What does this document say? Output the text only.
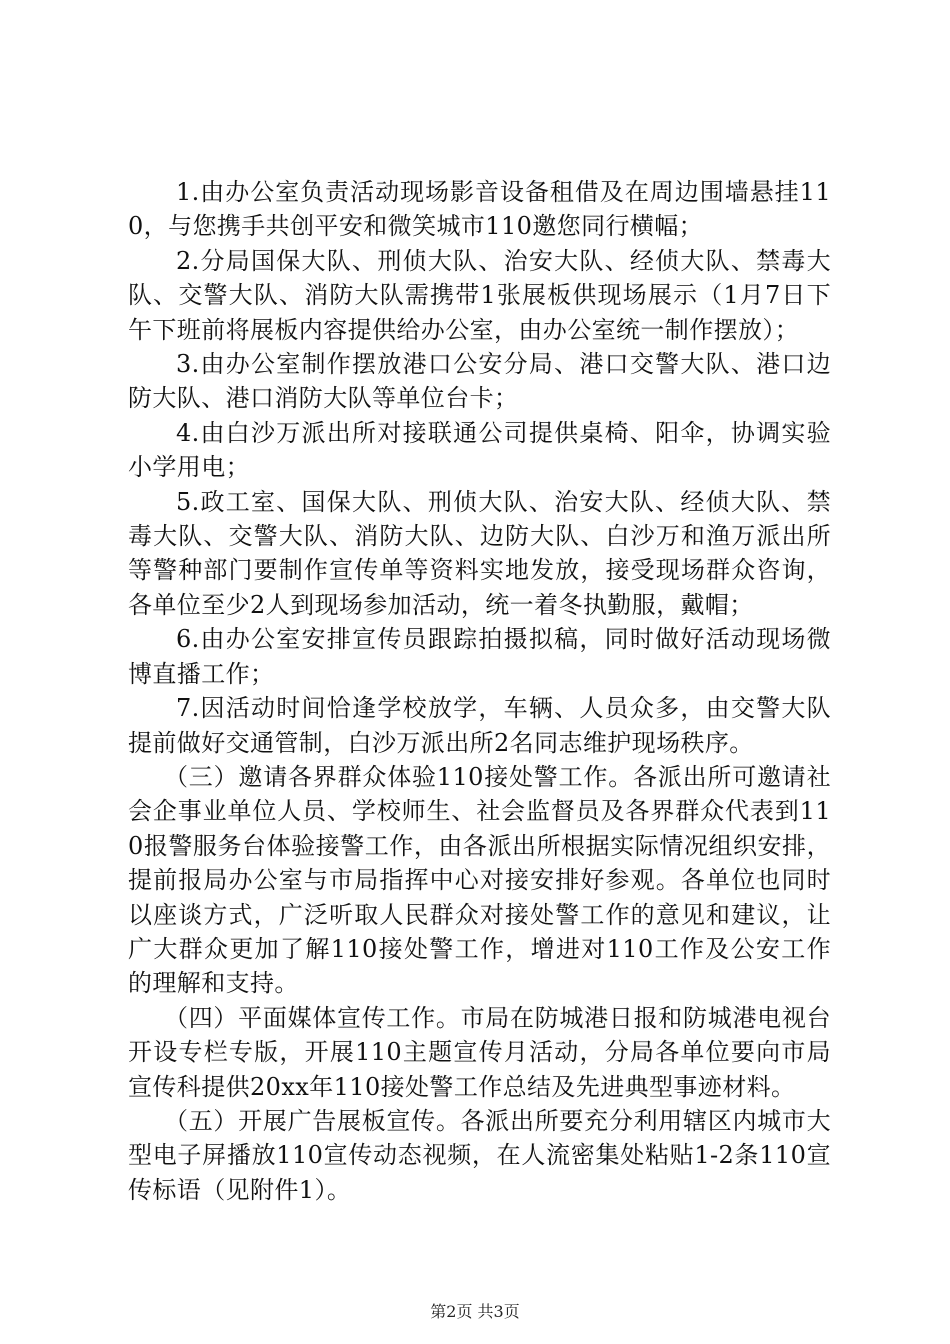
1.由办公室负责活动现场影音设备租借及在周边围墙悬挂110，与您携手共创平安和微笑城市110邀您同行横幅；

2.分局国保大队、刑侦大队、治安大队、经侦大队、禁毒大队、交警大队、消防大队需携带1张展板供现场展示（1月7日下午下班前将展板内容提供给办公室，由办公室统一制作摆放）；

3.由办公室制作摆放港口公安分局、港口交警大队、港口边防大队、港口消防大队等单位台卡；

4.由白沙万派出所对接联通公司提供桌椅、阳伞，协调实验小学用电；

5.政工室、国保大队、刑侦大队、治安大队、经侦大队、禁毒大队、交警大队、消防大队、边防大队、白沙万和渔万派出所等警种部门要制作宣传单等资料实地发放，接受现场群众咨询，各单位至少2人到现场参加活动，统一着冬执勤服，戴帽；

6.由办公室安排宣传员跟踪拍摄拟稿，同时做好活动现场微博直播工作；

7.因活动时间恰逢学校放学，车辆、人员众多，由交警大队提前做好交通管制，白沙万派出所2名同志维护现场秩序。

（三）邀请各界群众体验110接处警工作。各派出所可邀请社会企事业单位人员、学校师生、社会监督员及各界群众代表到110报警服务台体验接警工作，由各派出所根据实际情况组织安排，提前报局办公室与市局指挥中心对接安排好参观。各单位也同时以座谈方式，广泛听取人民群众对接处警工作的意见和建议，让广大群众更加了解110接处警工作，增进对110工作及公安工作的理解和支持。

（四）平面媒体宣传工作。市局在防城港日报和防城港电视台开设专栏专版，开展110主题宣传月活动，分局各单位要向市局宣传科提供20xx年110接处警工作总结及先进典型事迹材料。

（五）开展广告展板宣传。各派出所要充分利用辖区内城市大型电子屏播放110宣传动态视频，在人流密集处粘贴1-2条110宣传标语（见附件1）。

第2页 共3页
